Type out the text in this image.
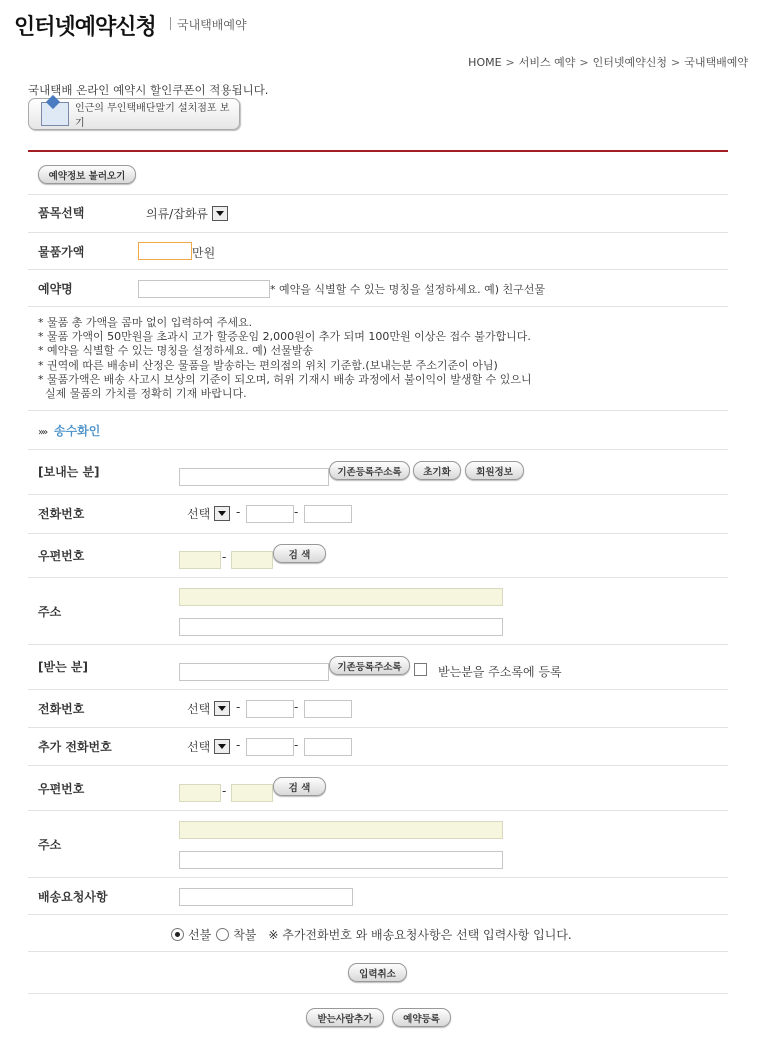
인터넷예약신청 국내택배예약
HOME > 서비스 예약 > 인터넷예약신청 > 국내택배예약
국내택배 온라인 예약시 할인쿠폰이 적용됩니다.
인근의 무인택배단말기 설치점포 보기
예약정보 불러오기
품목선택	의류/잡화류
물품가액	만원
예약명	* 예약을 식별할 수 있는 명칭을 설정하세요. 예) 친구선물
* 물품 총 가액을 콤마 없이 입력하여 주세요.
* 물품 가액이 50만원을 초과시 고가 할증운임 2,000원이 추가 되며 100만원 이상은 접수 불가합니다.
* 예약을 식별할 수 있는 명칭을 설정하세요. 예) 선물발송
* 권역에 따른 배송비 산정은 물품을 발송하는 편의점의 위치 기준함.(보내는분 주소기준이 아님)
* 물품가액은 배송 사고시 보상의 기준이 되오며, 허위 기재시 배송 과정에서 불이익이 발생할 수 있으니
실제 물품의 가치를 정확히 기재 바랍니다.
»» 송수화인
[보내는 분]	기존등록주소록	초기화	회원정보
전화번호	선택 -	-
우편번호	-	검 색
주소
[받는 분]	기존등록주소록	받는분을 주소록에 등록
전화번호	선택 -	-
추가 전화번호	선택 -	-
우편번호	-	검 색
주소
배송요청사항
선불 착불 ※ 추가전화번호 와 배송요청사항은 선택 입력사항 입니다.
입력취소
받는사람추가	예약등록
